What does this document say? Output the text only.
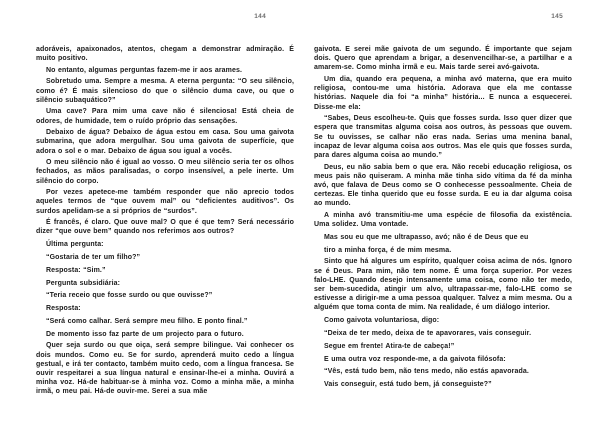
144

adoráveis, apaixonados, atentos, chegam a demonstrar admiração. É muito positivo.

No entanto, algumas perguntas fazem-me ir aos arames.

Sobretudo uma. Sempre a mesma. A eterna pergunta: “O seu silêncio, como é? É mais silencioso do que o silêncio duma cave, ou que o silêncio subaquático?”

Uma cave? Para mim uma cave não é silenciosa! Está cheia de odores, de humidade, tem o ruído próprio das sensações.

Debaixo de água? Debaixo de água estou em casa. Sou uma gaivota submarina, que adora mergulhar. Sou uma gaivota de superfície, que adora o sol e o mar. Debaixo de água sou igual a vocês.

O meu silêncio não é igual ao vosso. O meu silêncio seria ter os olhos fechados, as mãos paralisadas, o corpo insensível, a pele inerte. Um silêncio do corpo.

Por vezes apetece-me também responder que não aprecio todos aqueles termos de “que ouvem mal” ou “deficientes auditivos”. Os surdos apelidam-se a si próprios de “surdos”.

É francês, é claro. Que ouve mal? O que é que tem? Será necessário dizer “que ouve bem” quando nos referimos aos outros?

Última pergunta:

“Gostaria de ter um filho?”

Resposta: “Sim.”

Pergunta subsidiária:

“Teria receio que fosse surdo ou que ouvisse?”

Resposta:

“Será como calhar. Será sempre meu filho. E ponto final.”

De momento isso faz parte de um projecto para o futuro.

Quer seja surdo ou que oiça, será sempre bilingue. Vai conhecer os dois mundos. Como eu. Se for surdo, aprenderá muito cedo a língua gestual, e irá ter contacto, também muito cedo, com a língua francesa. Se ouvir respeitarei a sua língua natural e ensinar-lhe-ei a minha. Ouvirá a minha voz. Há-de habituar-se à minha voz. Como a minha mãe, a minha irmã, o meu pai. Há-de ouvir-me. Serei a sua mãe

145

gaivota. E serei mãe gaivota de um segundo. É importante que sejam dois. Quero que aprendam a brigar, a desenvencilhar-se, a partilhar e a amarem-se. Como minha irmã e eu. Mais tarde serei avó-gaivota.

Um dia, quando era pequena, a minha avó materna, que era muito religiosa, contou-me uma história. Adorava que ela me contasse histórias. Naquele dia foi “a minha” história... E nunca a esquecerei. Disse-me ela:

“Sabes, Deus escolheu-te. Quis que fosses surda. Isso quer dizer que espera que transmitas alguma coisa aos outros, às pessoas que ouvem. Se tu ouvisses, se calhar não eras nada. Serias uma menina banal, incapaz de levar alguma coisa aos outros. Mas ele quis que fosses surda, para dares alguma coisa ao mundo.”

Deus, eu não sabia bem o que era. Não recebi educação religiosa, os meus pais não quiseram. A minha mãe tinha sido vítima da fé da minha avó, que falava de Deus como se O conhecesse pessoalmente. Cheia de certezas. Ele tinha querido que eu fosse surda. E eu ia dar alguma coisa ao mundo.

A minha avó transmitiu-me uma espécie de filosofia da existência. Uma solidez. Uma vontade.

Mas sou eu que me ultrapasso, avó; não é de Deus que eu

tiro a minha força, é de mim mesma.

Sinto que há algures um espírito, qualquer coisa acima de nós. Ignoro se é Deus. Para mim, não tem nome. É uma força superior. Por vezes falo-LHE. Quando desejo intensamente uma coisa, como não ter medo, ser bem-sucedida, atingir um alvo, ultrapassar-me, falo-LHE como se estivesse a dirigir-me a uma pessoa qualquer. Talvez a mim mesma. Ou a alguém que toma conta de mim. Na realidade, é um diálogo interior.

Como gaivota voluntariosa, digo:

“Deixa de ter medo, deixa de te apavorares, vais conseguir.

Segue em frente! Atira-te de cabeça!”

E uma outra voz responde-me, a da gaivota filósofa:

“Vês, está tudo bem, não tens medo, não estás apavorada.

Vais conseguir, está tudo bem, já conseguiste?”
